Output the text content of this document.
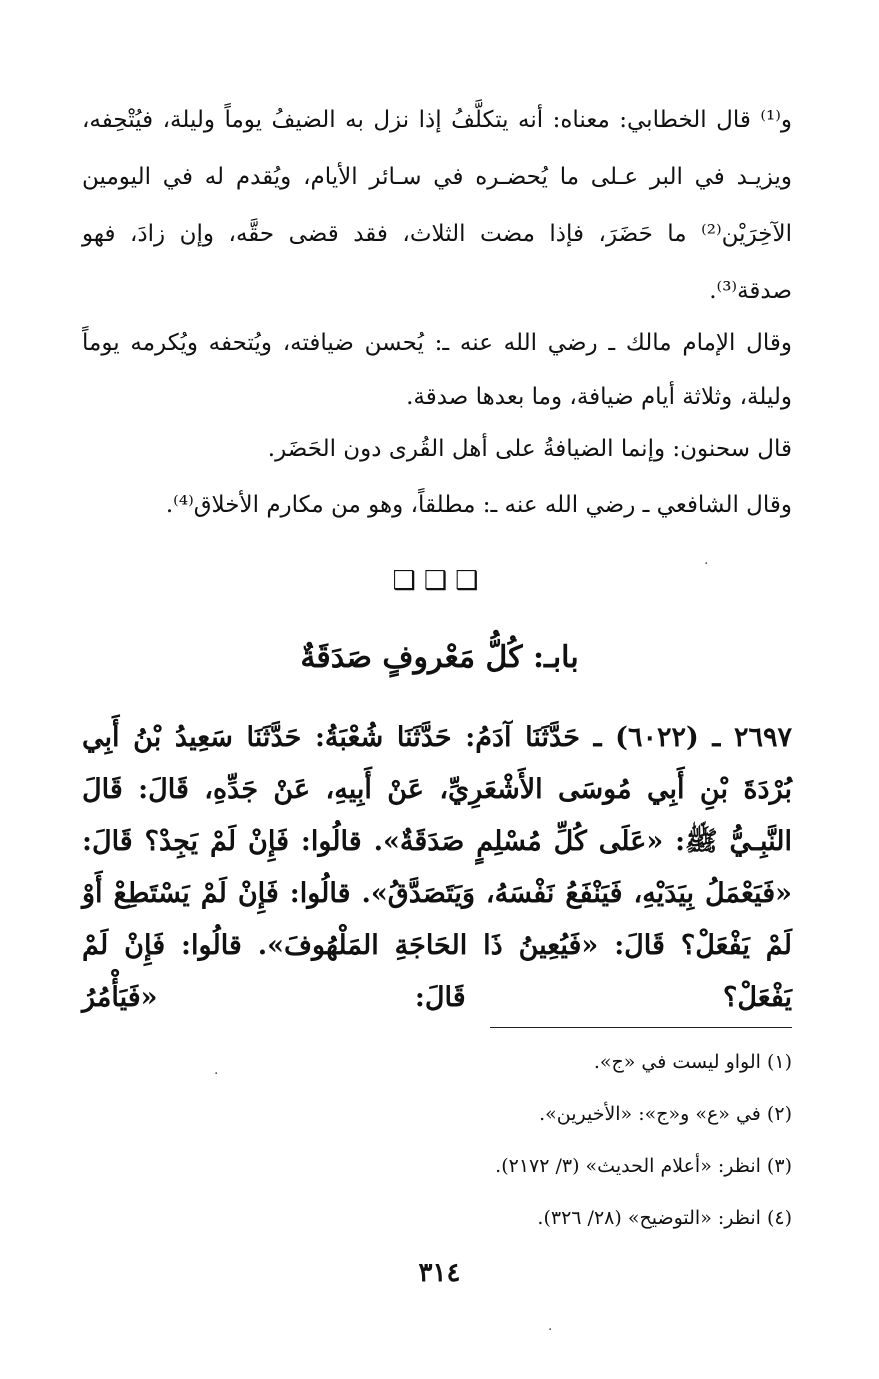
و⁽¹⁾ قال الخطابي: معناه: أنه يتكلَّفُ إذا نزل به الضيفُ يوماً وليلة، فيُتْحِفه، ويزيـد في البر عـلى ما يُحضـره في سـائر الأيام، ويُقدم له في اليومين الآخِرَيْن⁽²⁾ ما حَضَرَ، فإذا مضت الثلاث، فقد قضى حقَّه، وإن زادَ، فهو صدقة⁽³⁾.

وقال الإمام مالك ـ رضي الله عنه ـ: يُحسن ضيافته، ويُتحفه ويُكرمه يوماً وليلة، وثلاثة أيام ضيافة، وما بعدها صدقة.

قال سحنون: وإنما الضيافةُ على أهل القُرى دون الحَضَر.

وقال الشافعي ـ رضي الله عنه ـ: مطلقاً، وهو من مكارم الأخلاق⁽⁴⁾.

❑❑❑
بابـ: كُلُّ مَعْروفٍ صَدَقَةٌ

٢٦٩٧ ـ (٦٠٢٢) ـ حَدَّثَنَا آدَمُ: حَدَّثَنَا شُعْبَةُ: حَدَّثَنَا سَعِيدُ بْنُ أَبِي بُرْدَةَ بْنِ أَبِي مُوسَى الأَشْعَرِيِّ، عَنْ أَبِيهِ، عَنْ جَدِّهِ، قَالَ: قَالَ النَّبِـيُّ ﷺ: «عَلَى كُلِّ مُسْلِمٍ صَدَقَةٌ». قالُوا: فَإِنْ لَمْ يَجِدْ؟ قَالَ: «فَيَعْمَلُ بِيَدَيْهِ، فَيَنْفَعُ نَفْسَهُ، وَيَتَصَدَّقُ». قالُوا: فَإِنْ لَمْ يَسْتَطِعْ أَوْ لَمْ يَفْعَلْ؟ قَالَ: «فَيُعِينُ ذَا الحَاجَةِ المَلْهُوفَ». قالُوا: فَإِنْ لَمْ يَفْعَلْ؟ قَالَ: «فَيَأْمُرُ

(١) الواو ليست في «ج».
(٢) في «ع» و«ج»: «الأخيرين».
(٣) انظر: «أعلام الحديث» (٣/ ٢١٧٢).
(٤) انظر: «التوضيح» (٢٨/ ٣٢٦).
٣١٤
·
·
·
